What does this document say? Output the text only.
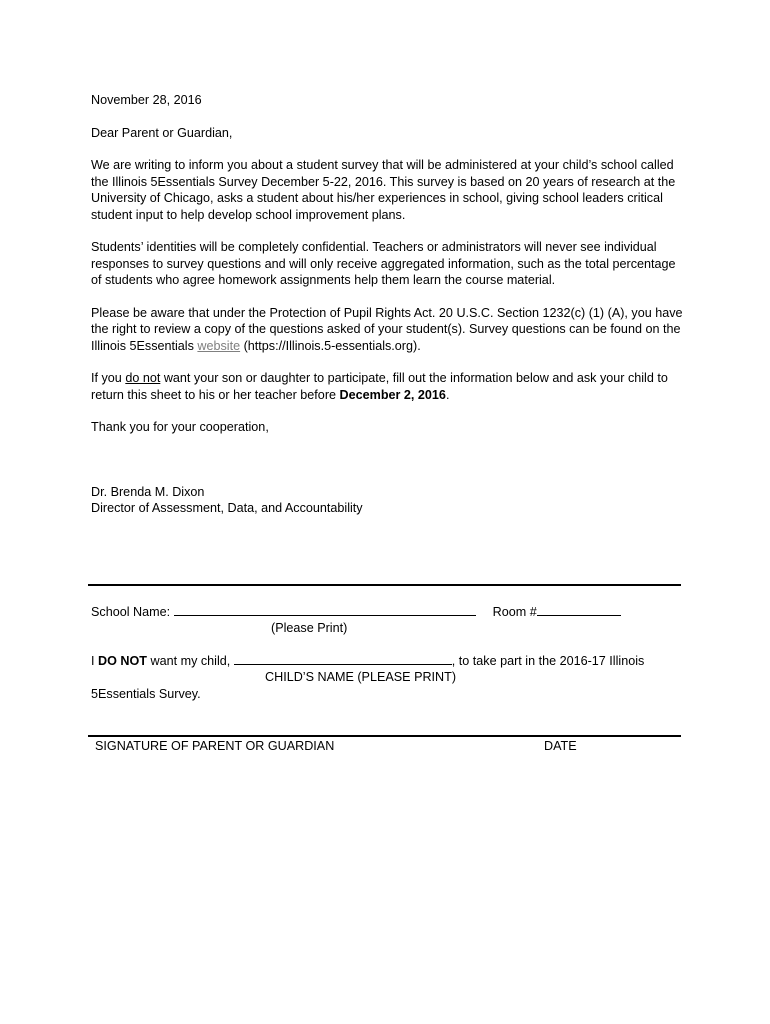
November 28, 2016

Dear Parent or Guardian,

We are writing to inform you about a student survey that will be administered at your child’s school called the Illinois 5Essentials Survey December 5-22, 2016. This survey is based on 20 years of research at the University of Chicago, asks a student about his/her experiences in school, giving school leaders critical student input to help develop school improvement plans.

Students’ identities will be completely confidential. Teachers or administrators will never see individual responses to survey questions and will only receive aggregated information, such as the total percentage of students who agree homework assignments help them learn the course material.

Please be aware that under the Protection of Pupil Rights Act. 20 U.S.C. Section 1232(c) (1) (A), you have the right to review a copy of the questions asked of your student(s). Survey questions can be found on the Illinois 5Essentials website (https://Illinois.5-essentials.org).

If you do not want your son or daughter to participate, fill out the information below and ask your child to return this sheet to his or her teacher before December 2, 2016.

Thank you for your cooperation,

Dr. Brenda M. Dixon

Director of Assessment, Data, and Accountability

School Name:	Room #
(Please Print)
I DO NOT want my child,	, to take part in the 2016-17 Illinois
CHILD’S NAME (PLEASE PRINT)
5Essentials Survey.
SIGNATURE OF PARENT OR GUARDIAN	DATE
